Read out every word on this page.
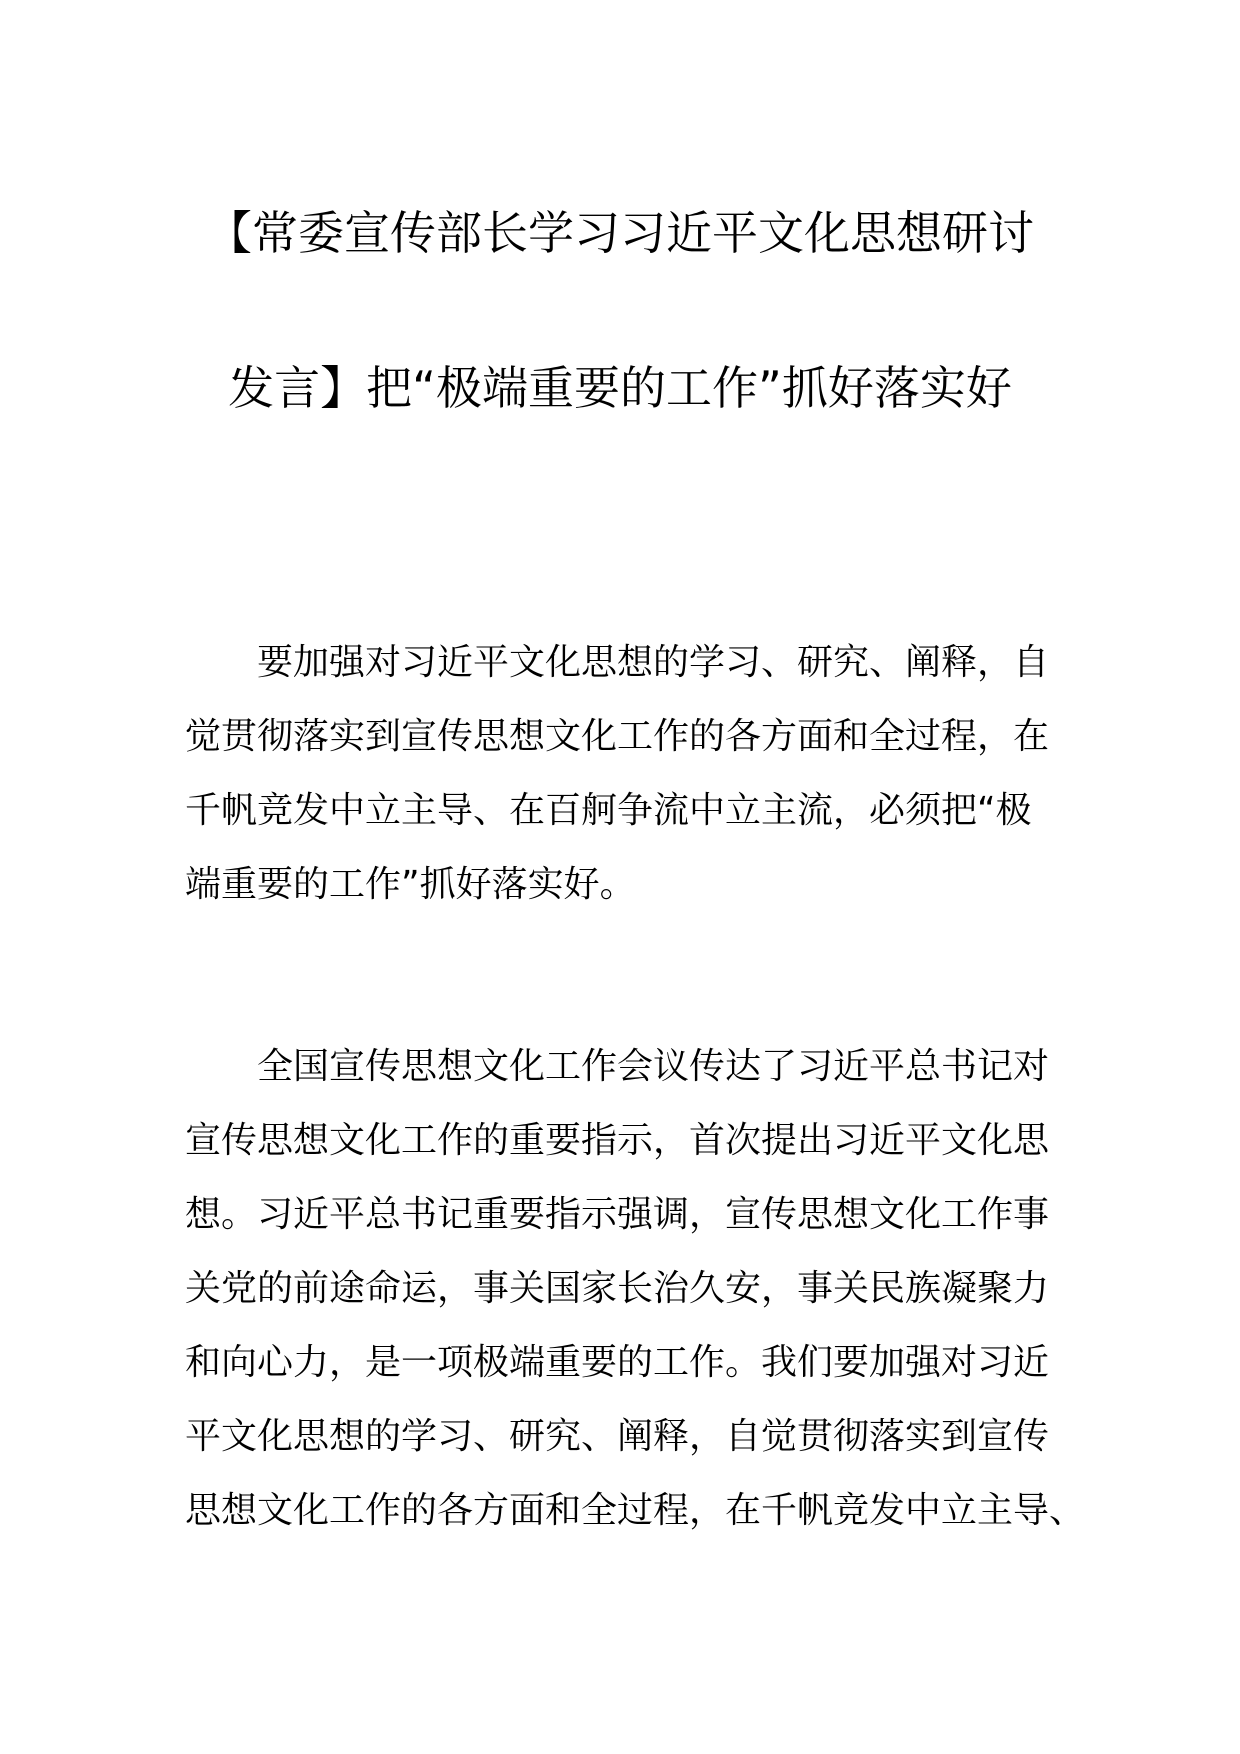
【常委宣传部长学习习近平文化思想研讨
发言】把“极端重要的工作”抓好落实好
要加强对习近平文化思想的学习、研究、阐释，自
觉贯彻落实到宣传思想文化工作的各方面和全过程，在
千帆竞发中立主导、在百舸争流中立主流，必须把“极
端重要的工作”抓好落实好。
全国宣传思想文化工作会议传达了习近平总书记对
宣传思想文化工作的重要指示，首次提出习近平文化思
想。习近平总书记重要指示强调，宣传思想文化工作事
关党的前途命运，事关国家长治久安，事关民族凝聚力
和向心力，是一项极端重要的工作。我们要加强对习近
平文化思想的学习、研究、阐释，自觉贯彻落实到宣传
思想文化工作的各方面和全过程，在千帆竞发中立主导、
